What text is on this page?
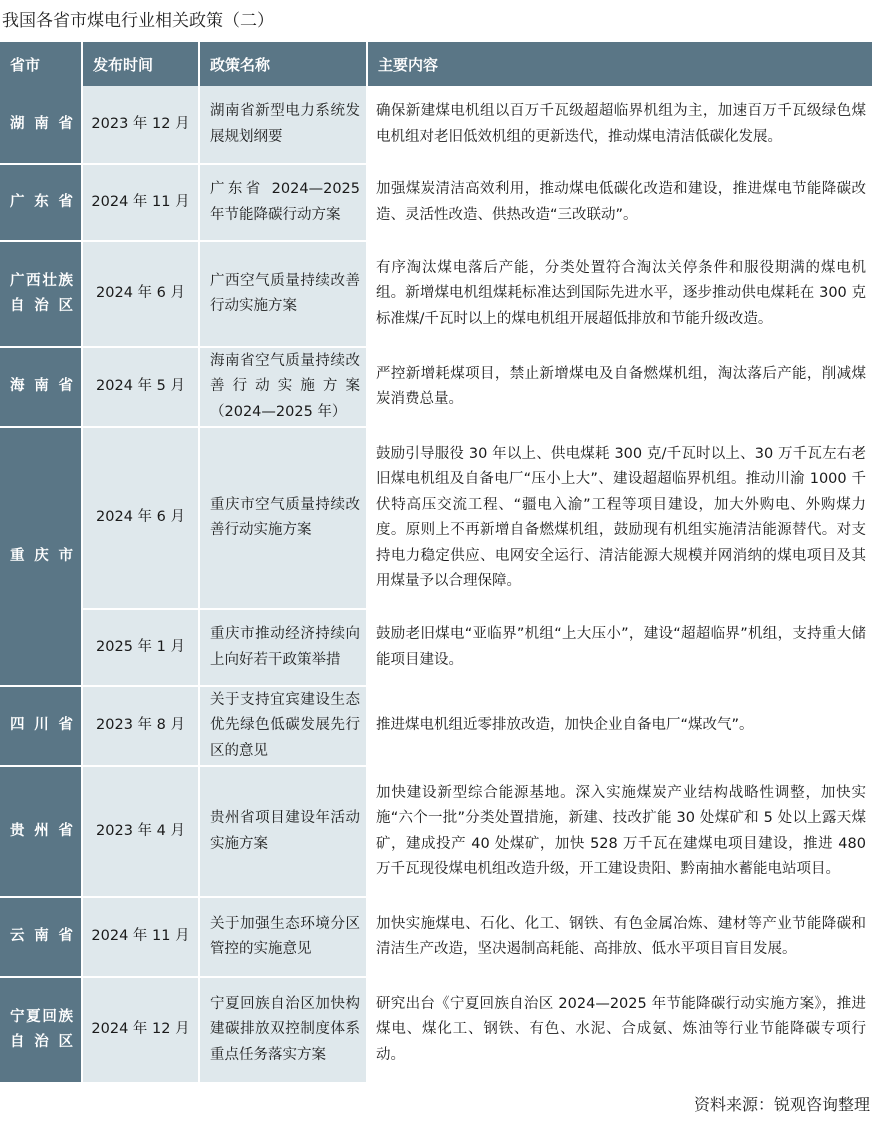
我国各省市煤电行业相关政策（二）
省市	发布时间	政策名称	主要内容
湖南省	2023 年 12 月	湖南省新型电力系统发展规划纲要	确保新建煤电机组以百万千瓦级超超临界机组为主，加速百万千瓦级绿色煤电机组对老旧低效机组的更新迭代，推动煤电清洁低碳化发展。
广东省	2024 年 11 月	广东省 2024—2025 年节能降碳行动方案	加强煤炭清洁高效利用，推动煤电低碳化改造和建设，推进煤电节能降碳改造、灵活性改造、供热改造“三改联动”。
广西壮族自治区	2024 年 6 月	广西空气质量持续改善行动实施方案	有序淘汰煤电落后产能，分类处置符合淘汰关停条件和服役期满的煤电机组。新增煤电机组煤耗标准达到国际先进水平，逐步推动供电煤耗在 300 克标准煤/千瓦时以上的煤电机组开展超低排放和节能升级改造。
海南省	2024 年 5 月	海南省空气质量持续改善行动实施方案（2024—2025 年）	严控新增耗煤项目，禁止新增煤电及自备燃煤机组，淘汰落后产能，削减煤炭消费总量。
重庆市	2024 年 6 月	重庆市空气质量持续改善行动实施方案	鼓励引导服役 30 年以上、供电煤耗 300 克/千瓦时以上、30 万千瓦左右老旧煤电机组及自备电厂“压小上大”、建设超超临界机组。推动川渝 1000 千伏特高压交流工程、“疆电入渝”工程等项目建设，加大外购电、外购煤力度。原则上不再新增自备燃煤机组，鼓励现有机组实施清洁能源替代。对支持电力稳定供应、电网安全运行、清洁能源大规模并网消纳的煤电项目及其用煤量予以合理保障。
	2025 年 1 月	重庆市推动经济持续向上向好若干政策举措	鼓励老旧煤电“亚临界”机组“上大压小”，建设“超超临界”机组，支持重大储能项目建设。
四川省	2023 年 8 月	关于支持宜宾建设生态优先绿色低碳发展先行区的意见	推进煤电机组近零排放改造，加快企业自备电厂“煤改气”。
贵州省	2023 年 4 月	贵州省项目建设年活动实施方案	加快建设新型综合能源基地。深入实施煤炭产业结构战略性调整，加快实施“六个一批”分类处置措施，新建、技改扩能 30 处煤矿和 5 处以上露天煤矿，建成投产 40 处煤矿，加快 528 万千瓦在建煤电项目建设，推进 480 万千瓦现役煤电机组改造升级，开工建设贵阳、黔南抽水蓄能电站项目。
云南省	2024 年 11 月	关于加强生态环境分区管控的实施意见	加快实施煤电、石化、化工、钢铁、有色金属冶炼、建材等产业节能降碳和清洁生产改造，坚决遏制高耗能、高排放、低水平项目盲目发展。
宁夏回族自治区	2024 年 12 月	宁夏回族自治区加快构建碳排放双控制度体系重点任务落实方案	研究出台《宁夏回族自治区 2024—2025 年节能降碳行动实施方案》，推进煤电、煤化工、钢铁、有色、水泥、合成氨、炼油等行业节能降碳专项行动。
资料来源：锐观咨询整理
